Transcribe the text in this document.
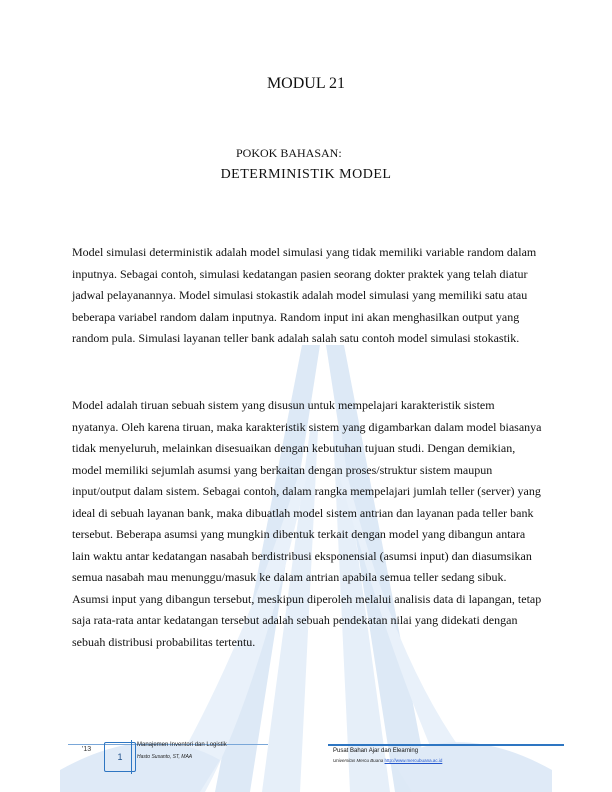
MODUL 21
POKOK BAHASAN:
DETERMINISTIK MODEL

Model simulasi deterministik adalah model simulasi yang tidak memiliki variable random dalam inputnya. Sebagai contoh, simulasi kedatangan pasien seorang dokter praktek yang telah diatur jadwal pelayanannya. Model simulasi stokastik adalah model simulasi yang memiliki satu atau beberapa variabel random dalam inputnya. Random input ini akan menghasilkan output yang random pula. Simulasi layanan teller bank adalah salah satu contoh model simulasi stokastik.

Model adalah tiruan sebuah sistem yang disusun untuk mempelajari karakteristik sistem nyatanya. Oleh karena tiruan, maka karakteristik sistem yang digambarkan dalam model biasanya tidak menyeluruh, melainkan disesuaikan dengan kebutuhan tujuan studi. Dengan demikian, model memiliki sejumlah asumsi yang berkaitan dengan proses/struktur sistem maupun input/output dalam sistem. Sebagai contoh, dalam rangka mempelajari jumlah teller (server) yang ideal di sebuah layanan bank, maka dibuatlah model sistem antrian dan layanan pada teller bank tersebut. Beberapa asumsi yang mungkin dibentuk terkait dengan model yang dibangun antara lain waktu antar kedatangan nasabah berdistribusi eksponensial (asumsi input) dan diasumsikan semua nasabah mau menunggu/masuk ke dalam antrian apabila semua teller sedang sibuk. Asumsi input yang dibangun tersebut, meskipun diperoleh melalui analisis data di lapangan, tetap saja rata-rata antar kedatangan tersebut adalah sebuah pendekatan nilai yang didekati dengan sebuah distribusi probabilitas tertentu.

'13
1
Manajemen Inventori dan Logistik
Hasto Susanto, ST, MAA
Pusat Bahan Ajar dan Elearning
Universitas Mercu Buana http://www.mercubuana.ac.id
